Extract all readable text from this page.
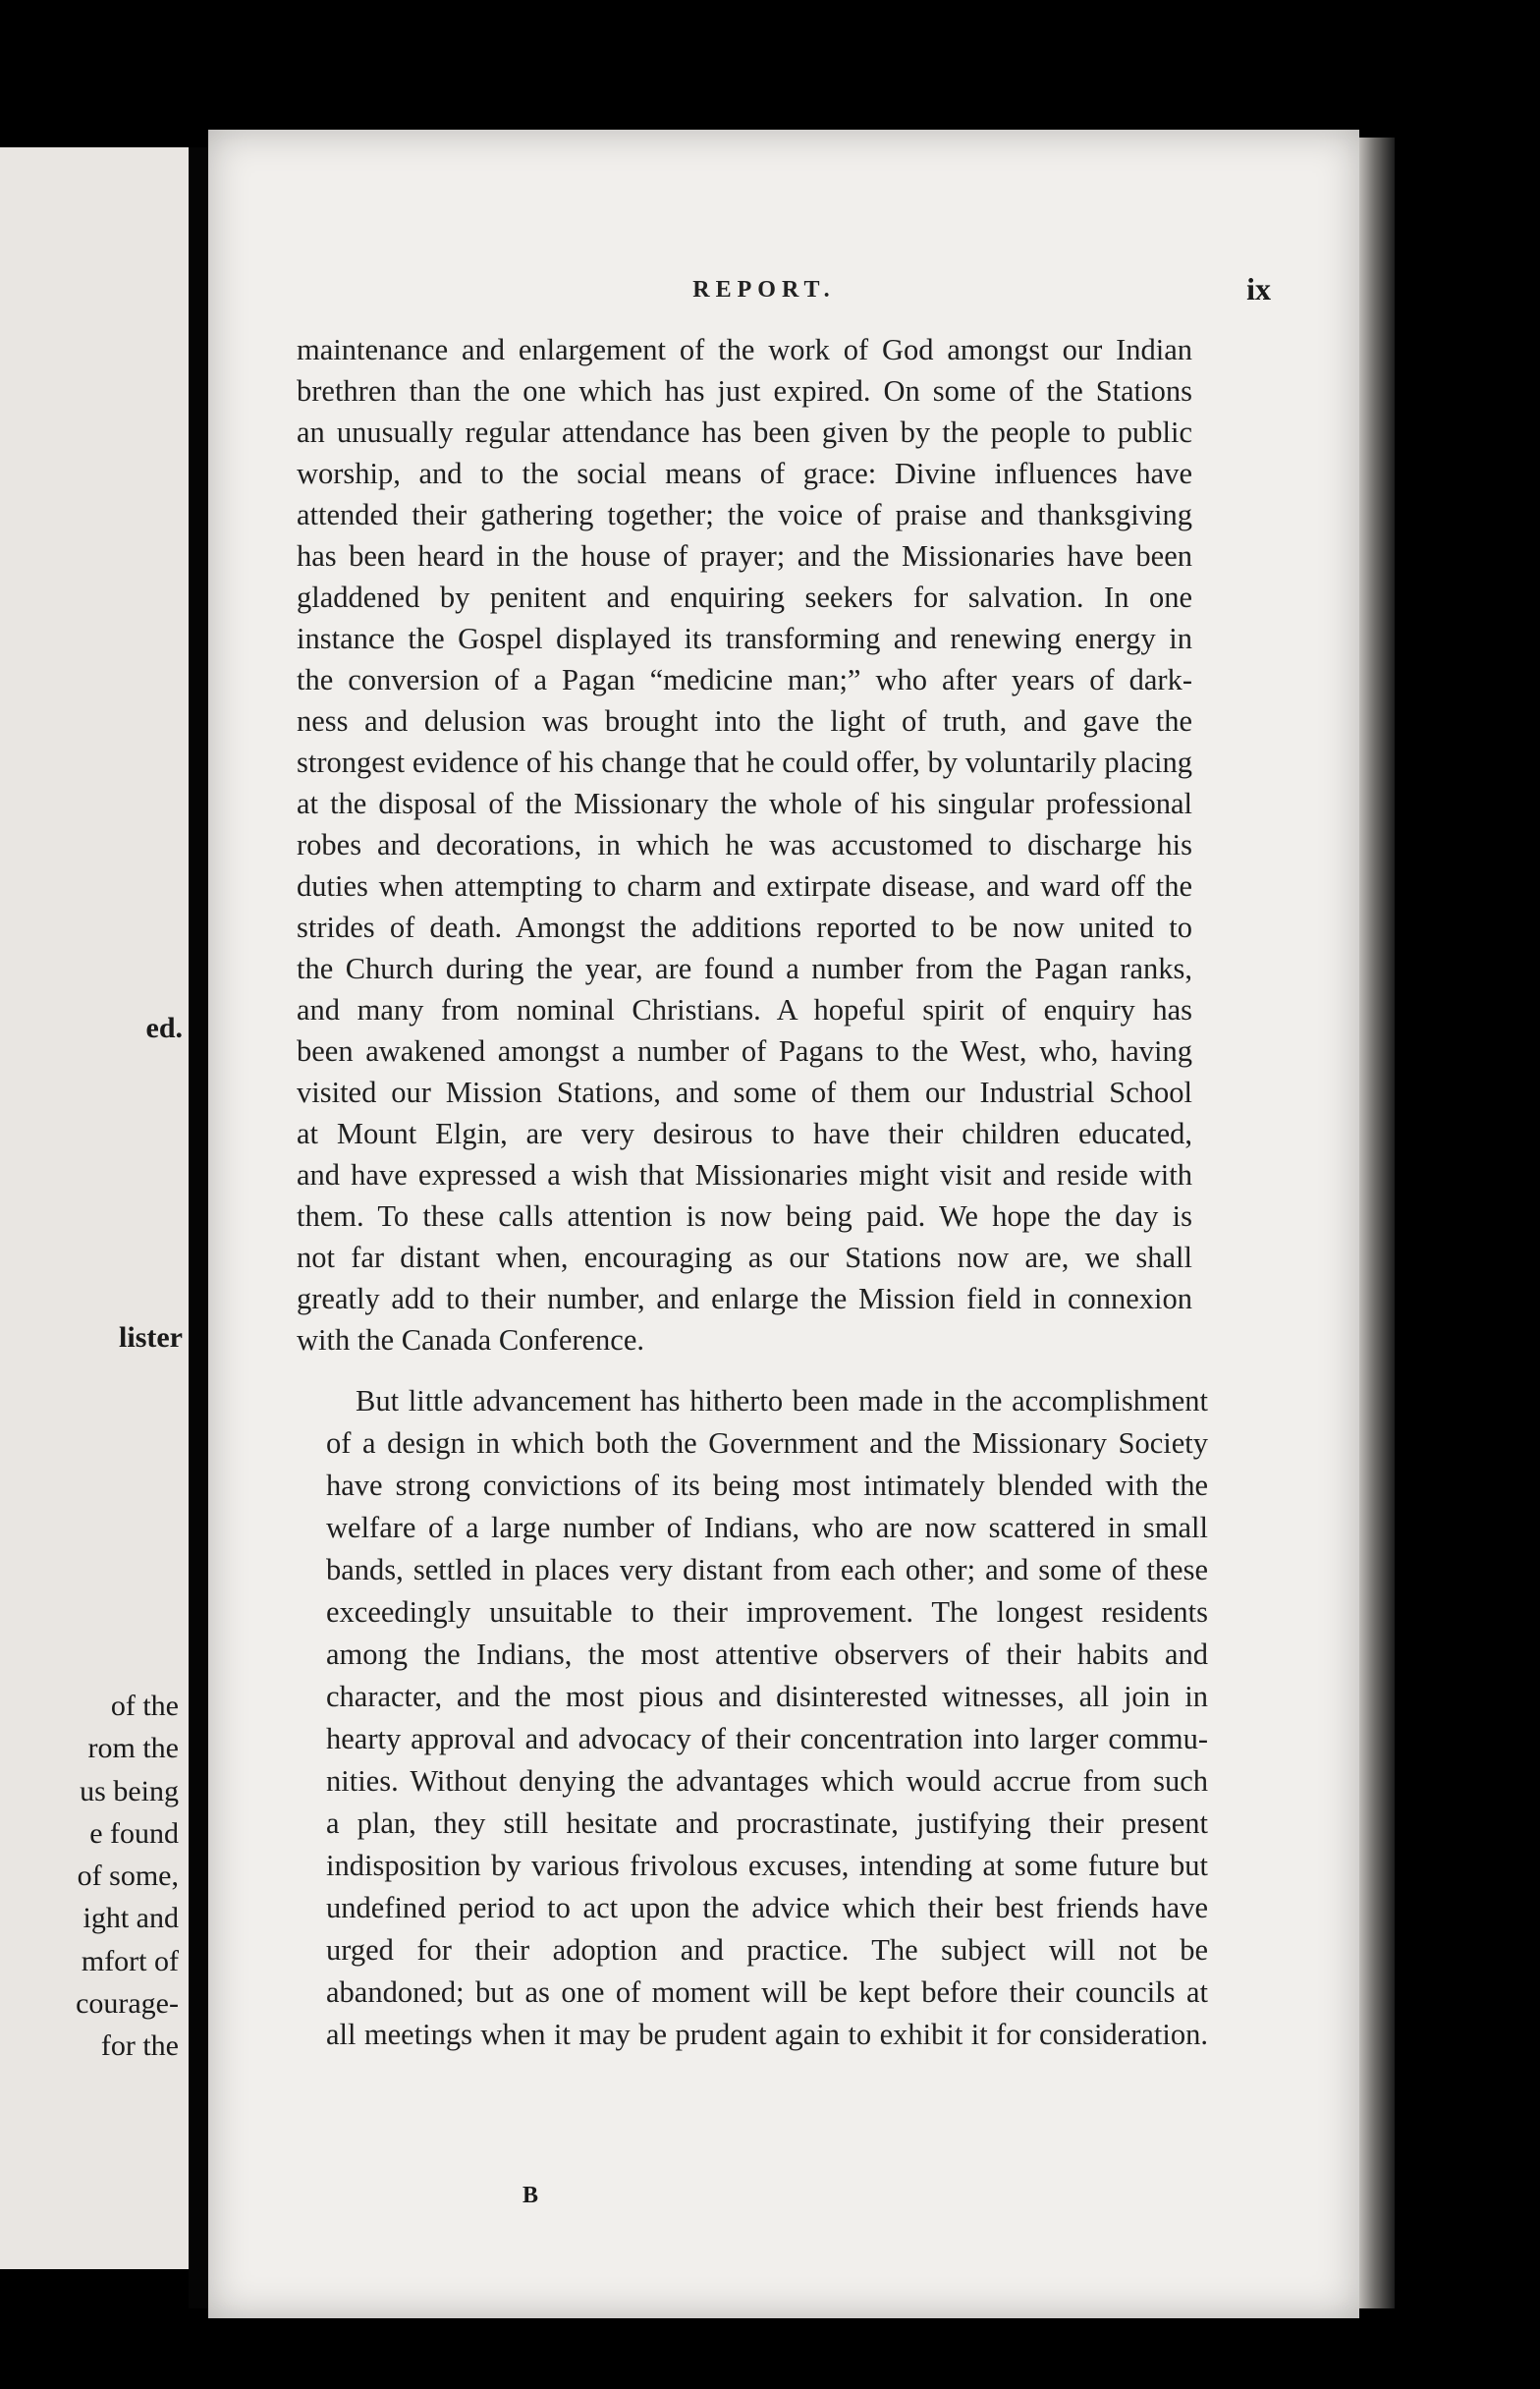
ed.
lister
of the
rom the
us being
e found
of some,
ight and
mfort of
courage-
for the
REPORT.	ix
maintenance and enlargement of the work of God amongst our Indian
brethren than the one which has just expired. On some of the Stations
an unusually regular attendance has been given by the people to public
worship, and to the social means of grace: Divine influences have
attended their gathering together; the voice of praise and thanksgiving
has been heard in the house of prayer; and the Missionaries have been
gladdened by penitent and enquiring seekers for salvation. In one
instance the Gospel displayed its transforming and renewing energy in
the conversion of a Pagan “medicine man;” who after years of dark-
ness and delusion was brought into the light of truth, and gave the
strongest evidence of his change that he could offer, by voluntarily placing
at the disposal of the Missionary the whole of his singular professional
robes and decorations, in which he was accustomed to discharge his
duties when attempting to charm and extirpate disease, and ward off the
strides of death. Amongst the additions reported to be now united to
the Church during the year, are found a number from the Pagan ranks,
and many from nominal Christians. A hopeful spirit of enquiry has
been awakened amongst a number of Pagans to the West, who, having
visited our Mission Stations, and some of them our Industrial School
at Mount Elgin, are very desirous to have their children educated,
and have expressed a wish that Missionaries might visit and reside with
them. To these calls attention is now being paid. We hope the day is
not far distant when, encouraging as our Stations now are, we shall
greatly add to their number, and enlarge the Mission field in connexion
with the Canada Conference.
But little advancement has hitherto been made in the accomplishment
of a design in which both the Government and the Missionary Society
have strong convictions of its being most intimately blended with the
welfare of a large number of Indians, who are now scattered in small
bands, settled in places very distant from each other; and some of these
exceedingly unsuitable to their improvement. The longest residents
among the Indians, the most attentive observers of their habits and
character, and the most pious and disinterested witnesses, all join in
hearty approval and advocacy of their concentration into larger commu-
nities. Without denying the advantages which would accrue from such
a plan, they still hesitate and procrastinate, justifying their present
indisposition by various frivolous excuses, intending at some future but
undefined period to act upon the advice which their best friends have
urged for their adoption and practice. The subject will not be
abandoned; but as one of moment will be kept before their councils at
all meetings when it may be prudent again to exhibit it for consideration.
B
